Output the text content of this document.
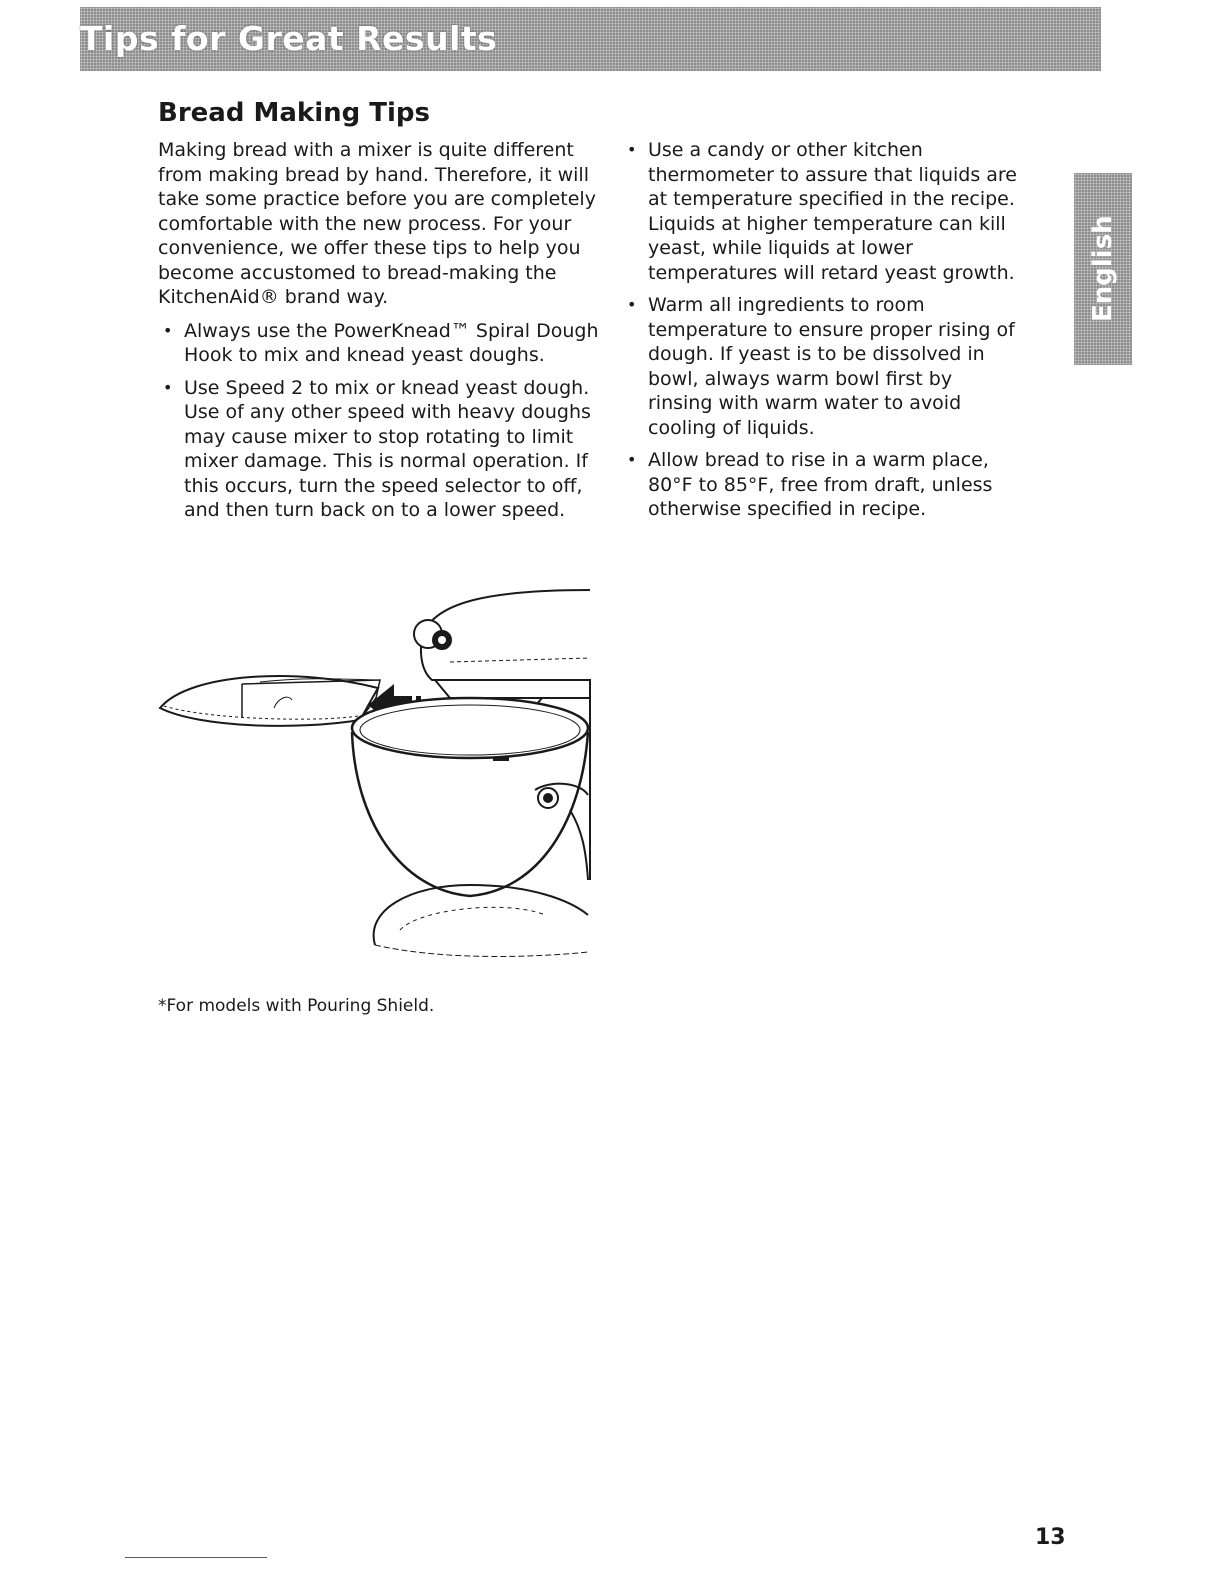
Tips for Great Results
English
Bread Making Tips

Making bread with a mixer is quite different from making bread by hand. Therefore, it will take some practice before you are completely comfortable with the new process. For your convenience, we offer these tips to help you become accustomed to bread-making the KitchenAid® brand way.

• Always use the PowerKnead™ Spiral Dough Hook to mix and knead yeast doughs.
• Use Speed 2 to mix or knead yeast dough. Use of any other speed with heavy doughs may cause mixer to stop rotating to limit mixer damage. This is normal operation. If this occurs, turn the speed selector to off, and then turn back on to a lower speed.
• Use a candy or other kitchen thermometer to assure that liquids are at temperature specified in the recipe. Liquids at higher temperature can kill yeast, while liquids at lower temperatures will retard yeast growth.
• Warm all ingredients to room temperature to ensure proper rising of dough. If yeast is to be dissolved in bowl, always warm bowl first by rinsing with warm water to avoid cooling of liquids.
• Allow bread to rise in a warm place, 80°F to 85°F, free from draft, unless otherwise specified in recipe.
*For models with Pouring Shield.
13
